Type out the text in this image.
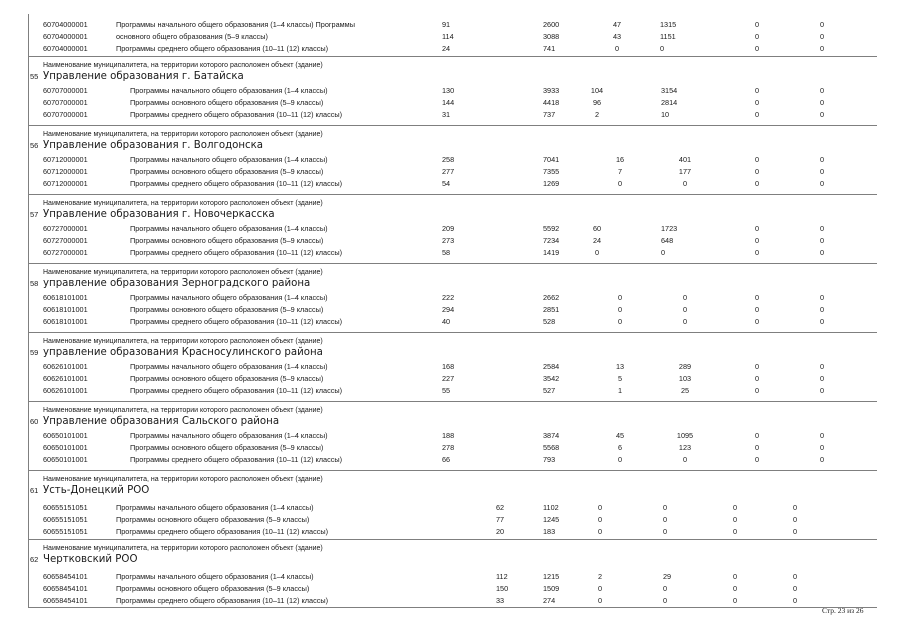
60704000001	Программы начального общего образования (1–4 классы) Программы	91	2600	47	1315	0	0
60704000001	основного общего образования (5–9 классы)	114	3088	43	1151	0	0
60704000001	Программы среднего общего образования (10–11 (12) классы)	24	741	0	0	0	0
Наименование муниципалитета, на территории которого расположен объект (здание)
55 Управление образования г. Батайска
60707000001	Программы начального общего образования (1–4 классы)	130	3933	104	3154	0	0
60707000001	Программы основного общего образования (5–9 классы)	144	4418	96	2814	0	0
60707000001	Программы среднего общего образования (10–11 (12) классы)	31	737	2	10	0	0
Наименование муниципалитета, на территории которого расположен объект (здание)
56 Управление образования г. Волгодонска
60712000001	Программы начального общего образования (1–4 классы)	258	7041	16	401	0	0
60712000001	Программы основного общего образования (5–9 классы)	277	7355	7	177	0	0
60712000001	Программы среднего общего образования (10–11 (12) классы)	54	1269	0	0	0	0
Наименование муниципалитета, на территории которого расположен объект (здание)
57 Управление образования г. Новочеркасска
60727000001	Программы начального общего образования (1–4 классы)	209	5592	60	1723	0	0
60727000001	Программы основного общего образования (5–9 классы)	273	7234	24	648	0	0
60727000001	Программы среднего общего образования (10–11 (12) классы)	58	1419	0	0	0	0
Наименование муниципалитета, на территории которого расположен объект (здание)
58 управление образования Зерноградского района
60618101001	Программы начального общего образования (1–4 классы)	222	2662	0	0	0	0
60618101001	Программы основного общего образования (5–9 классы)	294	2851	0	0	0	0
60618101001	Программы среднего общего образования (10–11 (12) классы)	40	528	0	0	0	0
Наименование муниципалитета, на территории которого расположен объект (здание)
59 управление образования Красносулинского района
60626101001	Программы начального общего образования (1–4 классы)	168	2584	13	289	0	0
60626101001	Программы основного общего образования (5–9 классы)	227	3542	5	103	0	0
60626101001	Программы среднего общего образования (10–11 (12) классы)	55	527	1	25	0	0
Наименование муниципалитета, на территории которого расположен объект (здание)
60 Управление образования Сальского района
60650101001	Программы начального общего образования (1–4 классы)	188	3874	45	1095	0	0
60650101001	Программы основного общего образования (5–9 классы)	278	5568	6	123	0	0
60650101001	Программы среднего общего образования (10–11 (12) классы)	66	793	0	0	0	0
Наименование муниципалитета, на территории которого расположен объект (здание)
61 Усть-Донецкий РОО
60655151051	Программы начального общего образования (1–4 классы)	62	1102	0	0	0	0
60655151051	Программы основного общего образования (5–9 классы)	77	1245	0	0	0	0
60655151051	Программы среднего общего образования (10–11 (12) классы)	20	183	0	0	0	0
Наименование муниципалитета, на территории которого расположен объект (здание)
62 Чертковский РОО
60658454101	Программы начального общего образования (1–4 классы)	112	1215	2	29	0	0
60658454101	Программы основного общего образования (5–9 классы)	150	1509	0	0	0	0
60658454101	Программы среднего общего образования (10–11 (12) классы)	33	274	0	0	0	0
Стр. 23 из 26
